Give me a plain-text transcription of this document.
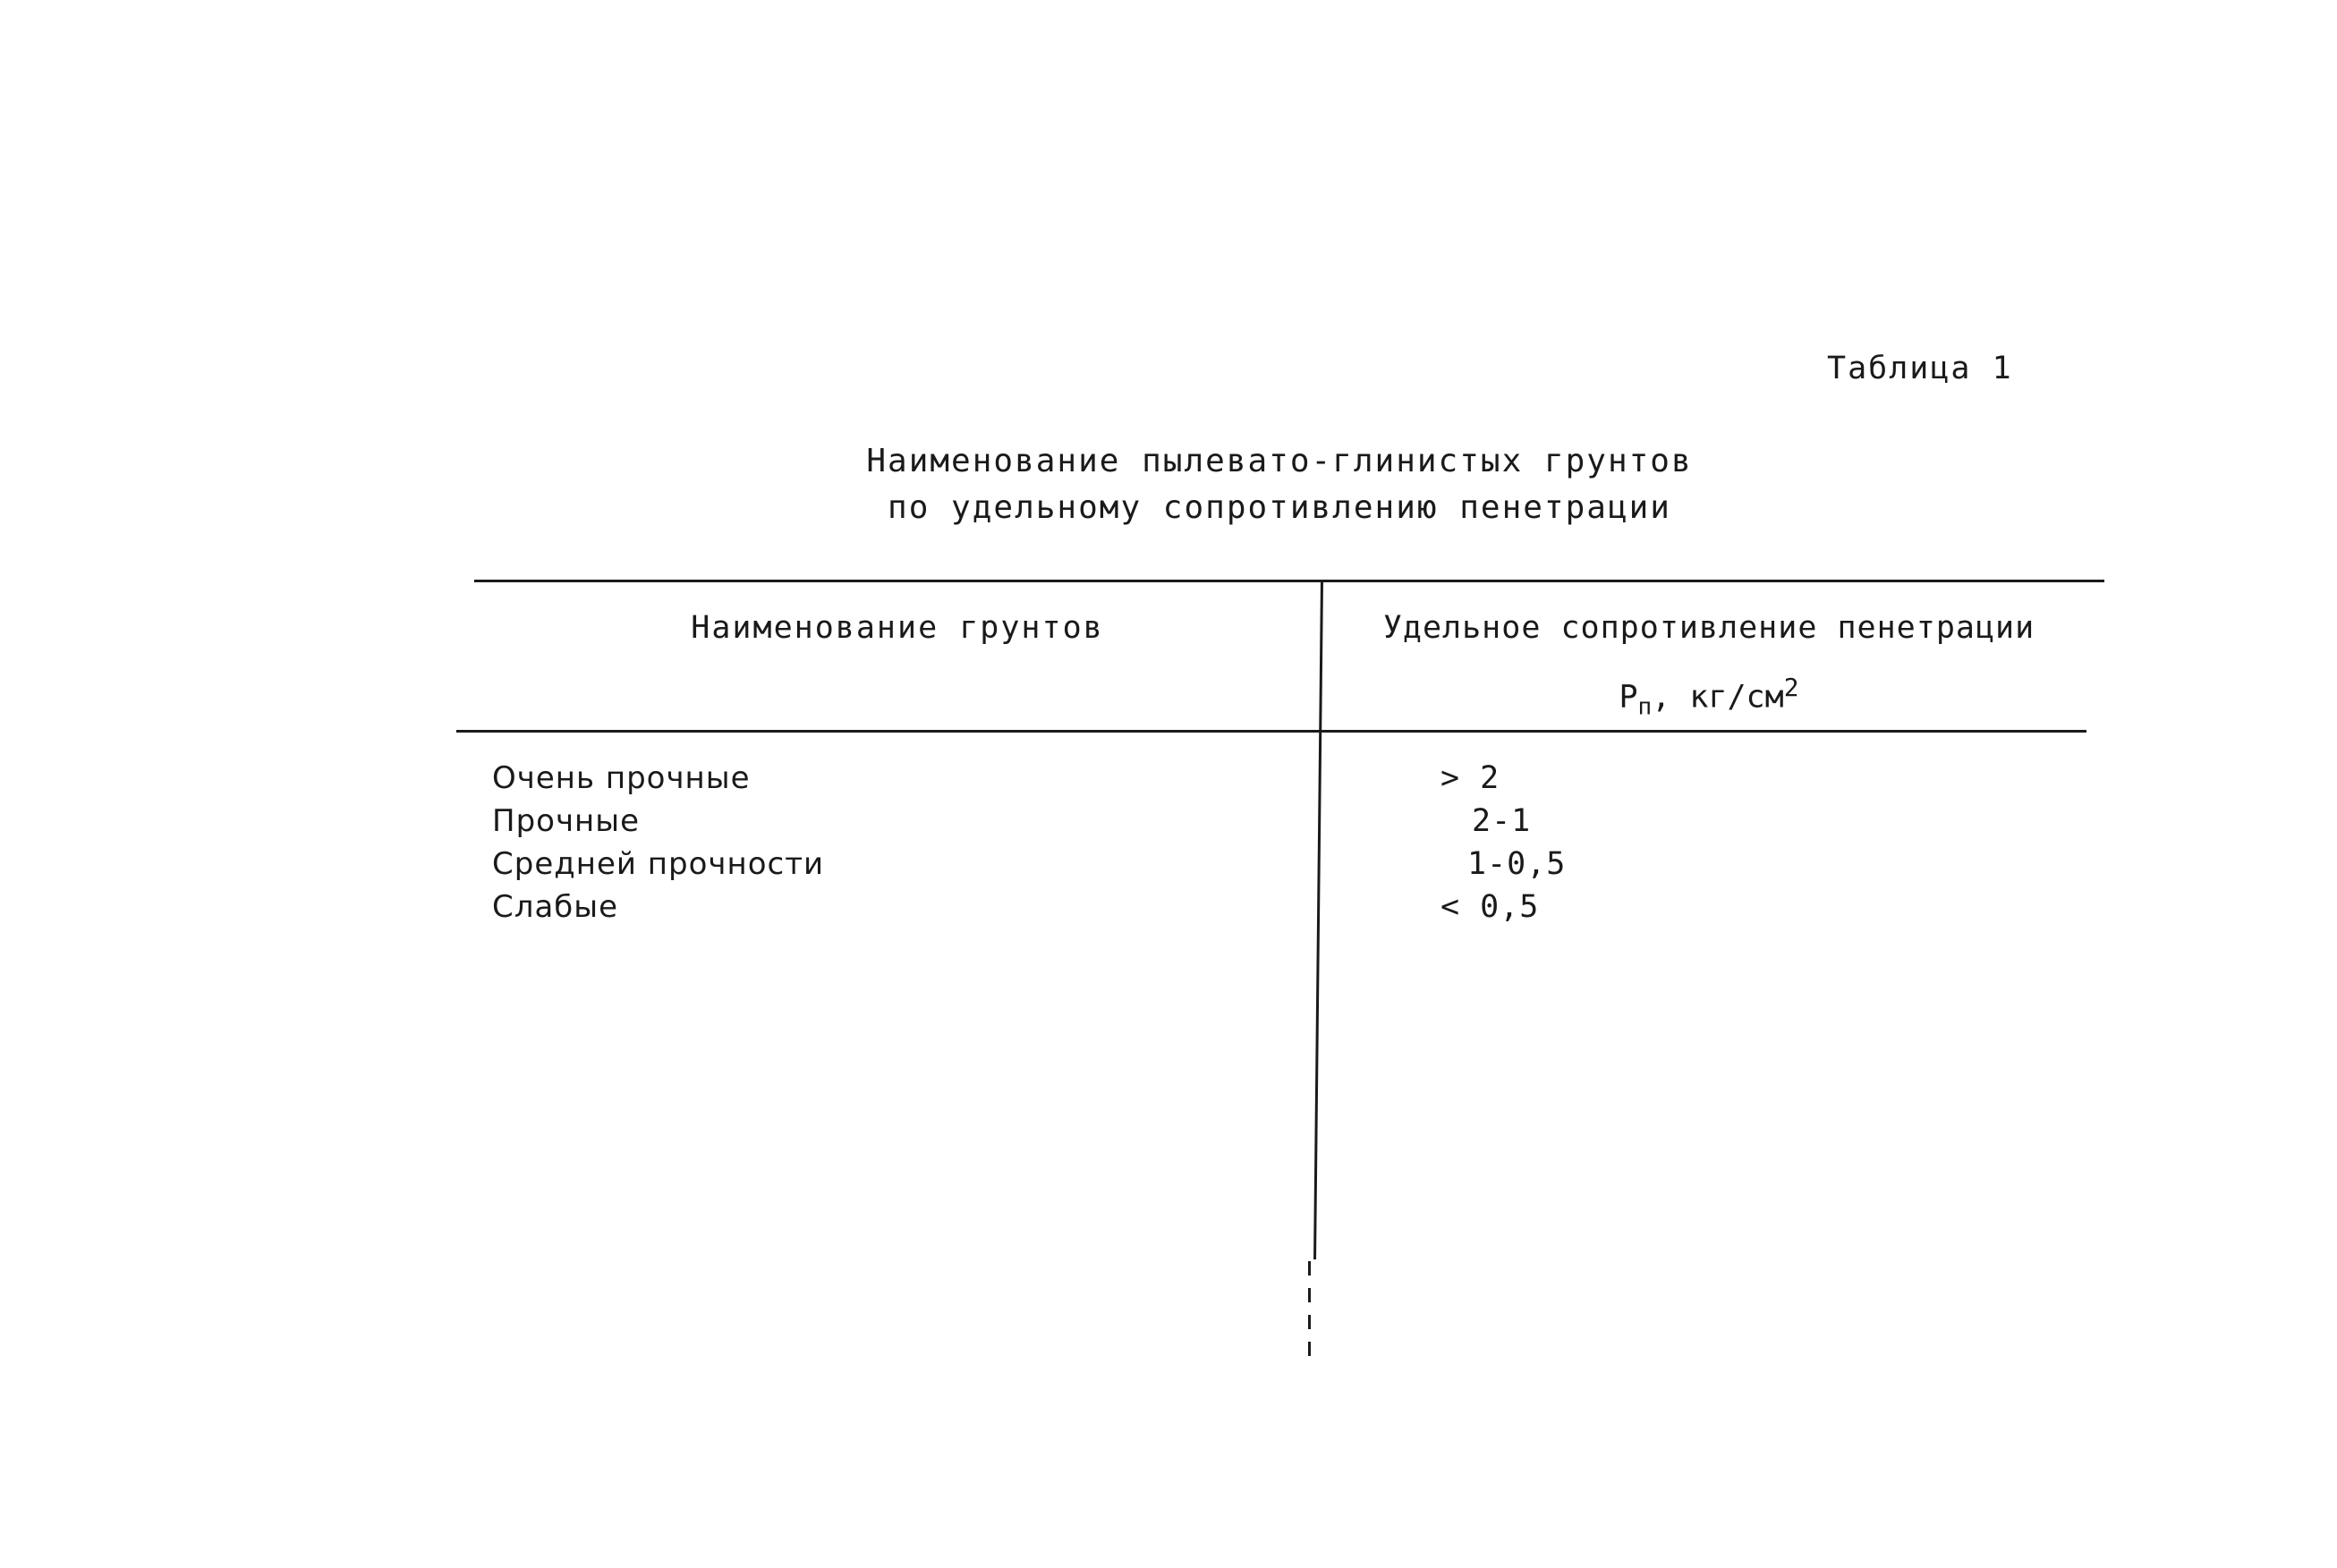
Таблица 1
Наименование пылевато-глинистых грунтов
по удельному сопротивлению пенетрации
Наименование грунтов	Удельное сопротивление пенетрации
$P_п$, $кг/см^2$
Очень прочные	> 2
Прочные	2-1
Средней прочности	1-0,5
Слабые	< 0,5
